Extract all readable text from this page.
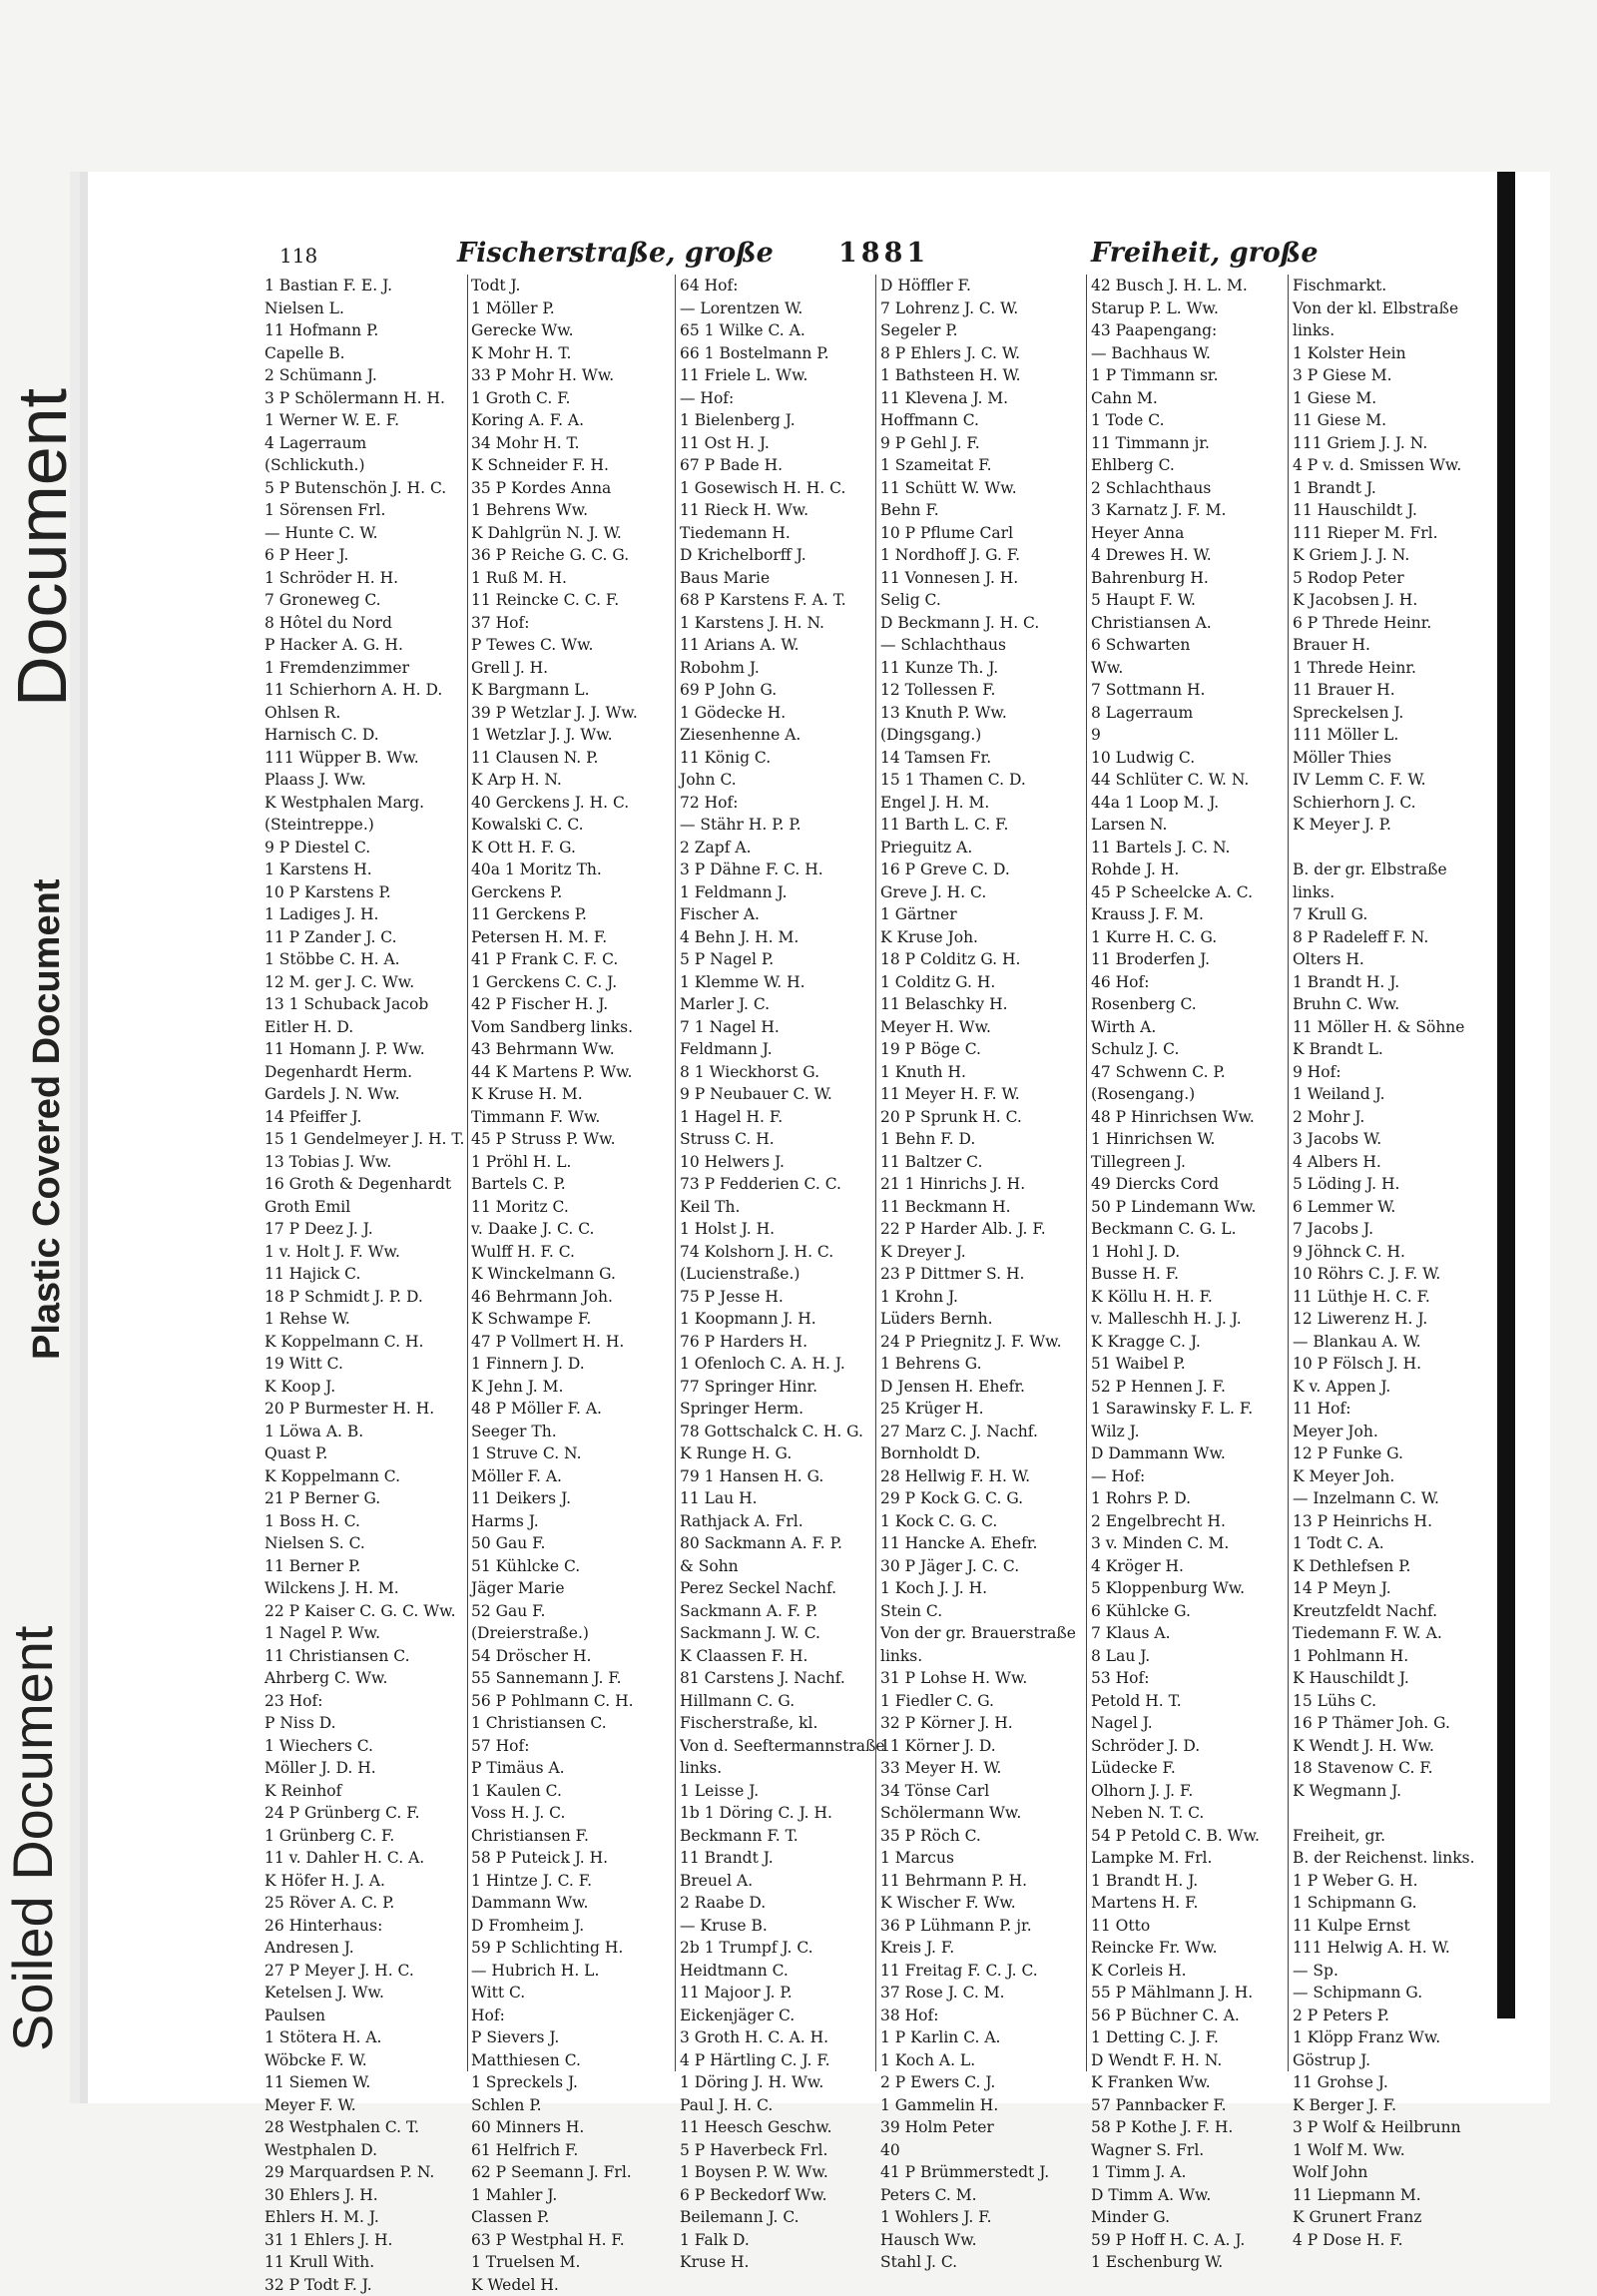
Document
Plastic Covered Document
Soiled Document
118	Fischerstraße, große 1881	Freiheit, große
1 Bastian F. E. J.
Nielsen L.
11 Hofmann P.
Capelle B.
2 Schümann J.
3 P Schölermann H. H.
1 Werner W. E. F.
4 Lagerraum
(Schlickuth.)
5 P Butenschön J. H. C.
1 Sörensen Frl.
— Hunte C. W.
6 P Heer J.
1 Schröder H. H.
7 Groneweg C.
8 Hôtel du Nord
P Hacker A. G. H.
1 Fremdenzimmer
11 Schierhorn A. H. D.
Ohlsen R.
Harnisch C. D.
111 Wüpper B. Ww.
Plaass J. Ww.
K Westphalen Marg.
(Steintreppe.)
9 P Diestel C.
1 Karstens H.
10 P Karstens P.
1 Ladiges J. H.
11 P Zander J. C.
1 Stöbbe C. H. A.
12 M. ger J. C. Ww.
13 1 Schuback Jacob
Eitler H. D.
11 Homann J. P. Ww.
Degenhardt Herm.
Gardels J. N. Ww.
14 Pfeiffer J.
15 1 Gendelmeyer J. H. T.
13 Tobias J. Ww.
16 Groth & Degenhardt
Groth Emil
17 P Deez J. J.
1 v. Holt J. F. Ww.
11 Hajick C.
18 P Schmidt J. P. D.
1 Rehse W.
K Koppelmann C. H.
19 Witt C.
K Koop J.
20 P Burmester H. H.
1 Löwa A. B.
Quast P.
K Koppelmann C.
21 P Berner G.
1 Boss H. C.
Nielsen S. C.
11 Berner P.
Wilckens J. H. M.
22 P Kaiser C. G. C. Ww.
1 Nagel P. Ww.
11 Christiansen C.
Ahrberg C. Ww.
23 Hof:
P Niss D.
1 Wiechers C.
Möller J. D. H.
K Reinhof
24 P Grünberg C. F.
1 Grünberg C. F.
11 v. Dahler H. C. A.
K Höfer H. J. A.
25 Röver A. C. P.
26 Hinterhaus:
Andresen J.
27 P Meyer J. H. C.
Ketelsen J. Ww.
Paulsen
1 Stötera H. A.
Wöbcke F. W.
11 Siemen W.
Meyer F. W.
28 Westphalen C. T.
Westphalen D.
29 Marquardsen P. N.
30 Ehlers J. H.
Ehlers H. M. J.
31 1 Ehlers J. H.
11 Krull With.
32 P Todt F. J.
Todt J.
1 Möller P.
Gerecke Ww.
K Mohr H. T.
33 P Mohr H. Ww.
1 Groth C. F.
Koring A. F. A.
34 Mohr H. T.
K Schneider F. H.
35 P Kordes Anna
1 Behrens Ww.
K Dahlgrün N. J. W.
36 P Reiche G. C. G.
1 Ruß M. H.
11 Reincke C. C. F.
37 Hof:
P Tewes C. Ww.
Grell J. H.
K Bargmann L.
39 P Wetzlar J. J. Ww.
1 Wetzlar J. J. Ww.
11 Clausen N. P.
K Arp H. N.
40 Gerckens J. H. C.
Kowalski C. C.
K Ott H. F. G.
40a 1 Moritz Th.
Gerckens P.
11 Gerckens P.
Petersen H. M. F.
41 P Frank C. F. C.
1 Gerckens C. C. J.
42 P Fischer H. J.
Vom Sandberg links.
43 Behrmann Ww.
44 K Martens P. Ww.
K Kruse H. M.
Timmann F. Ww.
45 P Struss P. Ww.
1 Pröhl H. L.
Bartels C. P.
11 Moritz C.
v. Daake J. C. C.
Wulff H. F. C.
K Winckelmann G.
46 Behrmann Joh.
K Schwampe F.
47 P Vollmert H. H.
1 Finnern J. D.
K Jehn J. M.
48 P Möller F. A.
Seeger Th.
1 Struve C. N.
Möller F. A.
11 Deikers J.
Harms J.
50 Gau F.
51 Kühlcke C.
Jäger Marie
52 Gau F.
(Dreierstraße.)
54 Dröscher H.
55 Sannemann J. F.
56 P Pohlmann C. H.
1 Christiansen C.
57 Hof:
P Timäus A.
1 Kaulen C.
Voss H. J. C.
Christiansen F.
58 P Puteick J. H.
1 Hintze J. C. F.
Dammann Ww.
D Fromheim J.
59 P Schlichting H.
— Hubrich H. L.
Witt C.
Hof:
P Sievers J.
Matthiesen C.
1 Spreckels J.
Schlen P.
60 Minners H.
61 Helfrich F.
62 P Seemann J. Frl.
1 Mahler J.
Classen P.
63 P Westphal H. F.
1 Truelsen M.
K Wedel H.
64 Hof:
— Lorentzen W.
65 1 Wilke C. A.
66 1 Bostelmann P.
11 Friele L. Ww.
— Hof:
1 Bielenberg J.
11 Ost H. J.
67 P Bade H.
1 Gosewisch H. H. C.
11 Rieck H. Ww.
Tiedemann H.
D Krichelborff J.
Baus Marie
68 P Karstens F. A. T.
1 Karstens J. H. N.
11 Arians A. W.
Robohm J.
69 P John G.
1 Gödecke H.
Ziesenhenne A.
11 König C.
John C.
72 Hof:
— Stähr H. P. P.
2 Zapf A.
3 P Dähne F. C. H.
1 Feldmann J.
Fischer A.
4 Behn J. H. M.
5 P Nagel P.
1 Klemme W. H.
Marler J. C.
7 1 Nagel H.
Feldmann J.
8 1 Wieckhorst G.
9 P Neubauer C. W.
1 Hagel H. F.
Struss C. H.
10 Helwers J.
73 P Fedderien C. C.
Keil Th.
1 Holst J. H.
74 Kolshorn J. H. C.
(Lucienstraße.)
75 P Jesse H.
1 Koopmann J. H.
76 P Harders H.
1 Ofenloch C. A. H. J.
77 Springer Hinr.
Springer Herm.
78 Gottschalck C. H. G.
K Runge H. G.
79 1 Hansen H. G.
11 Lau H.
Rathjack A. Frl.
80 Sackmann A. F. P.
& Sohn
Perez Seckel Nachf.
Sackmann A. F. P.
Sackmann J. W. C.
K Claassen F. H.
81 Carstens J. Nachf.
Hillmann C. G.
Fischerstraße, kl.
Von d. Seeftermannstraße
links.
1 Leisse J.
1b 1 Döring C. J. H.
Beckmann F. T.
11 Brandt J.
Breuel A.
2 Raabe D.
— Kruse B.
2b 1 Trumpf J. C.
Heidtmann C.
11 Majoor J. P.
Eickenjäger C.
3 Groth H. C. A. H.
4 P Härtling C. J. F.
1 Döring J. H. Ww.
Paul J. H. C.
11 Heesch Geschw.
5 P Haverbeck Frl.
1 Boysen P. W. Ww.
6 P Beckedorf Ww.
Beilemann J. C.
1 Falk D.
Kruse H.
D Höffler F.
7 Lohrenz J. C. W.
Segeler P.
8 P Ehlers J. C. W.
1 Bathsteen H. W.
11 Klevena J. M.
Hoffmann C.
9 P Gehl J. F.
1 Szameitat F.
11 Schütt W. Ww.
Behn F.
10 P Pflume Carl
1 Nordhoff J. G. F.
11 Vonnesen J. H.
Selig C.
D Beckmann J. H. C.
— Schlachthaus
11 Kunze Th. J.
12 Tollessen F.
13 Knuth P. Ww.
(Dingsgang.)
14 Tamsen Fr.
15 1 Thamen C. D.
Engel J. H. M.
11 Barth L. C. F.
Prieguitz A.
16 P Greve C. D.
Greve J. H. C.
1 Gärtner
K Kruse Joh.
18 P Colditz G. H.
1 Colditz G. H.
11 Belaschky H.
Meyer H. Ww.
19 P Böge C.
1 Knuth H.
11 Meyer H. F. W.
20 P Sprunk H. C.
1 Behn F. D.
11 Baltzer C.
21 1 Hinrichs J. H.
11 Beckmann H.
22 P Harder Alb. J. F.
K Dreyer J.
23 P Dittmer S. H.
1 Krohn J.
Lüders Bernh.
24 P Priegnitz J. F. Ww.
1 Behrens G.
D Jensen H. Ehefr.
25 Krüger H.
27 Marz C. J. Nachf.
Bornholdt D.
28 Hellwig F. H. W.
29 P Kock G. C. G.
1 Kock C. G. C.
11 Hancke A. Ehefr.
30 P Jäger J. C. C.
1 Koch J. J. H.
Stein C.
Von der gr. Brauerstraße
links.
31 P Lohse H. Ww.
1 Fiedler C. G.
32 P Körner J. H.
11 Körner J. D.
33 Meyer H. W.
34 Tönse Carl
Schölermann Ww.
35 P Röch C.
1 Marcus
11 Behrmann P. H.
K Wischer F. Ww.
36 P Lühmann P. jr.
Kreis J. F.
11 Freitag F. C. J. C.
37 Rose J. C. M.
38 Hof:
1 P Karlin C. A.
1 Koch A. L.
2 P Ewers C. J.
1 Gammelin H.
39 Holm Peter
40
41 P Brümmerstedt J.
Peters C. M.
1 Wohlers J. F.
Hausch Ww.
Stahl J. C.
42 Busch J. H. L. M.
Starup P. L. Ww.
43 Paapengang:
— Bachhaus W.
1 P Timmann sr.
Cahn M.
1 Tode C.
11 Timmann jr.
Ehlberg C.
2 Schlachthaus
3 Karnatz J. F. M.
Heyer Anna
4 Drewes H. W.
Bahrenburg H.
5 Haupt F. W.
Christiansen A.
6 Schwarten
Ww.
7 Sottmann H.
8 Lagerraum
9
10 Ludwig C.
44 Schlüter C. W. N.
44a 1 Loop M. J.
Larsen N.
11 Bartels J. C. N.
Rohde J. H.
45 P Scheelcke A. C.
Krauss J. F. M.
1 Kurre H. C. G.
11 Broderfen J.
46 Hof:
Rosenberg C.
Wirth A.
Schulz J. C.
47 Schwenn C. P.
(Rosengang.)
48 P Hinrichsen Ww.
1 Hinrichsen W.
Tillegreen J.
49 Diercks Cord
50 P Lindemann Ww.
Beckmann C. G. L.
1 Hohl J. D.
Busse H. F.
K Köllu H. H. F.
v. Malleschh H. J. J.
K Kragge C. J.
51 Waibel P.
52 P Hennen J. F.
1 Sarawinsky F. L. F.
Wilz J.
D Dammann Ww.
— Hof:
1 Rohrs P. D.
2 Engelbrecht H.
3 v. Minden C. M.
4 Kröger H.
5 Kloppenburg Ww.
6 Kühlcke G.
7 Klaus A.
8 Lau J.
53 Hof:
Petold H. T.
Nagel J.
Schröder J. D.
Lüdecke F.
Olhorn J. J. F.
Neben N. T. C.
54 P Petold C. B. Ww.
Lampke M. Frl.
1 Brandt H. J.
Martens H. F.
11 Otto
Reincke Fr. Ww.
K Corleis H.
55 P Mählmann J. H.
56 P Büchner C. A.
1 Detting C. J. F.
D Wendt F. H. N.
K Franken Ww.
57 Pannbacker F.
58 P Kothe J. F. H.
Wagner S. Frl.
1 Timm J. A.
D Timm A. Ww.
Minder G.
59 P Hoff H. C. A. J.
1 Eschenburg W.
Fischmarkt.
Von der kl. Elbstraße
links.
1 Kolster Hein
3 P Giese M.
1 Giese M.
11 Giese M.
111 Griem J. J. N.
4 P v. d. Smissen Ww.
1 Brandt J.
11 Hauschildt J.
111 Rieper M. Frl.
K Griem J. J. N.
5 Rodop Peter
K Jacobsen J. H.
6 P Threde Heinr.
Brauer H.
1 Threde Heinr.
11 Brauer H.
Spreckelsen J.
111 Möller L.
Möller Thies
IV Lemm C. F. W.
Schierhorn J. C.
K Meyer J. P.
B. der gr. Elbstraße
links.
7 Krull G.
8 P Radeleff F. N.
Olters H.
1 Brandt H. J.
Bruhn C. Ww.
11 Möller H. & Söhne
K Brandt L.
9 Hof:
1 Weiland J.
2 Mohr J.
3 Jacobs W.
4 Albers H.
5 Löding J. H.
6 Lemmer W.
7 Jacobs J.
9 Jöhnck C. H.
10 Röhrs C. J. F. W.
11 Lüthje H. C. F.
12 Liwerenz H. J.
— Blankau A. W.
10 P Fölsch J. H.
K v. Appen J.
11 Hof:
Meyer Joh.
12 P Funke G.
K Meyer Joh.
— Inzelmann C. W.
13 P Heinrichs H.
1 Todt C. A.
K Dethlefsen P.
14 P Meyn J.
Kreutzfeldt Nachf.
Tiedemann F. W. A.
1 Pohlmann H.
K Hauschildt J.
15 Lühs C.
16 P Thämer Joh. G.
K Wendt J. H. Ww.
18 Stavenow C. F.
K Wegmann J.
Freiheit, gr.
B. der Reichenst. links.
1 P Weber G. H.
1 Schipmann G.
11 Kulpe Ernst
111 Helwig A. H. W.
— Sp.
— Schipmann G.
2 P Peters P.
1 Klöpp Franz Ww.
Göstrup J.
11 Grohse J.
K Berger J. F.
3 P Wolf & Heilbrunn
1 Wolf M. Ww.
Wolf John
11 Liepmann M.
K Grunert Franz
4 P Dose H. F.
